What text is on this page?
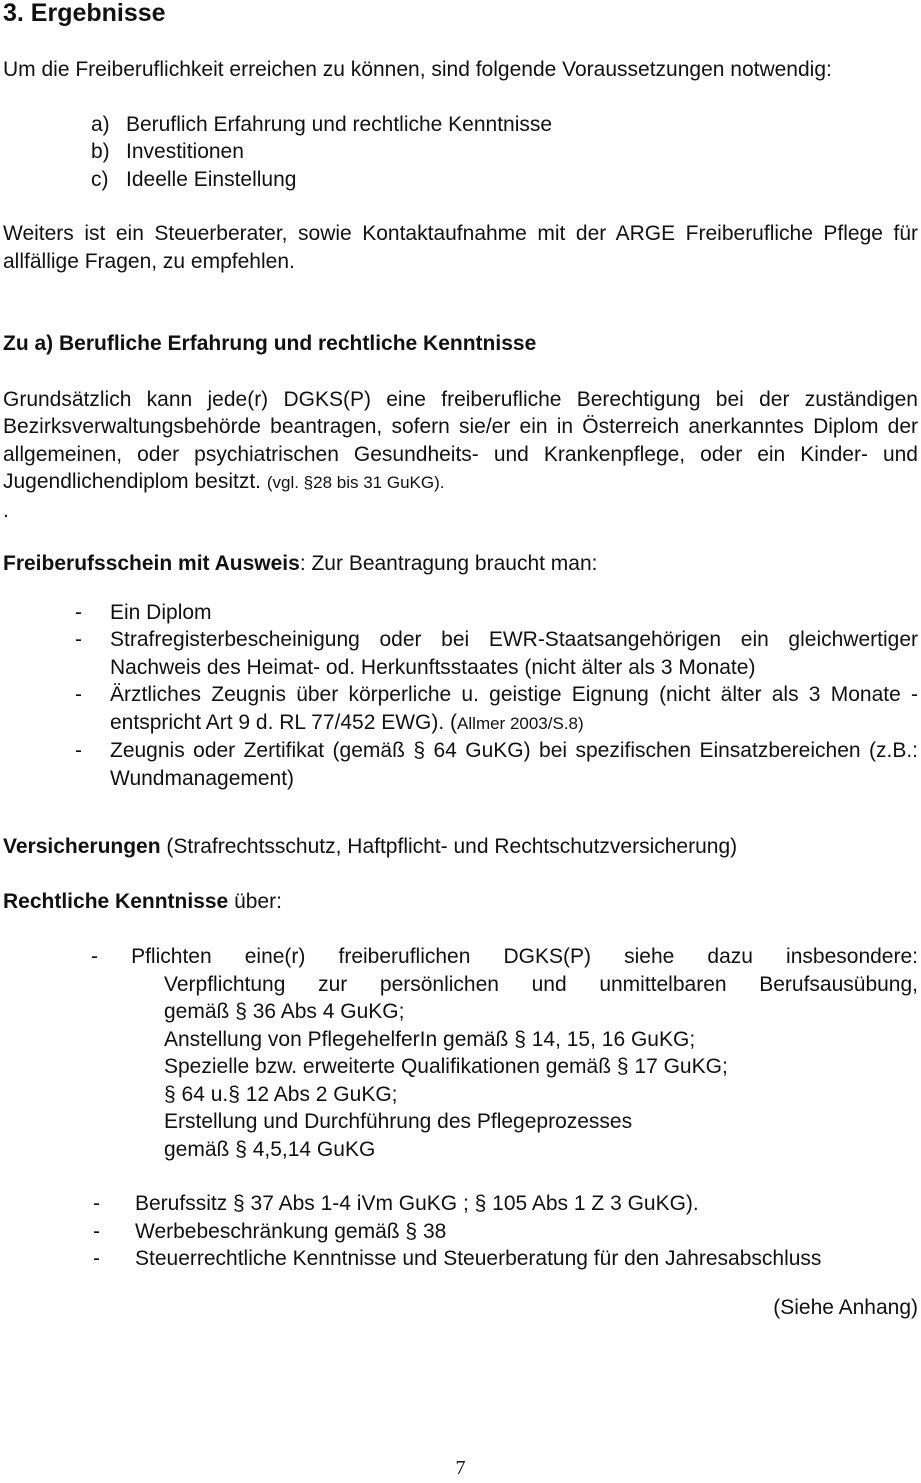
3. Ergebnisse

Um die Freiberuflichkeit erreichen zu können, sind folgende Voraussetzungen notwendig:

a) Beruflich Erfahrung und rechtliche Kenntnisse
b) Investitionen
c) Ideelle Einstellung

Weiters ist ein Steuerberater, sowie Kontaktaufnahme mit der ARGE Freiberufliche Pflege für allfällige Fragen, zu empfehlen.

Zu a) Berufliche Erfahrung und rechtliche Kenntnisse

Grundsätzlich kann jede(r) DGKS(P) eine freiberufliche Berechtigung bei der zuständigen Bezirksverwaltungsbehörde beantragen, sofern sie/er ein in Österreich anerkanntes Diplom der allgemeinen, oder psychiatrischen Gesundheits- und Krankenpflege, oder ein Kinder- und Jugendlichendiplom besitzt. (vgl. §28 bis 31 GuKG).
.

Freiberufsschein mit Ausweis: Zur Beantragung braucht man:

-	Ein Diplom
-	Strafregisterbescheinigung oder bei EWR-Staatsangehörigen ein gleichwertiger Nachweis des Heimat- od. Herkunftsstaates (nicht älter als 3 Monate)
-	Ärztliches Zeugnis über körperliche u. geistige Eignung (nicht älter als 3 Monate -entspricht Art 9 d. RL 77/452 EWG). (Allmer 2003/S.8)
-	Zeugnis oder Zertifikat (gemäß § 64 GuKG) bei spezifischen Einsatzbereichen (z.B.: Wundmanagement)

Versicherungen (Strafrechtsschutz, Haftpflicht- und Rechtschutzversicherung)

Rechtliche Kenntnisse über:

- Pflichten eine(r) freiberuflichen DGKS(P) siehe dazu insbesondere:

Verpflichtung zur persönlichen und unmittelbaren Berufsausübung,

gemäß § 36 Abs 4 GuKG;

Anstellung von PflegehelferIn gemäß § 14, 15, 16 GuKG;

Spezielle bzw. erweiterte Qualifikationen gemäß § 17 GuKG;

§ 64 u.§ 12 Abs 2 GuKG;

Erstellung und Durchführung des Pflegeprozesses

gemäß § 4,5,14 GuKG

-	Berufssitz § 37 Abs 1-4 iVm GuKG ; § 105 Abs 1 Z 3 GuKG).
-	Werbebeschränkung gemäß § 38
-	Steuerrechtliche Kenntnisse und Steuerberatung für den Jahresabschluss

(Siehe Anhang)

7
